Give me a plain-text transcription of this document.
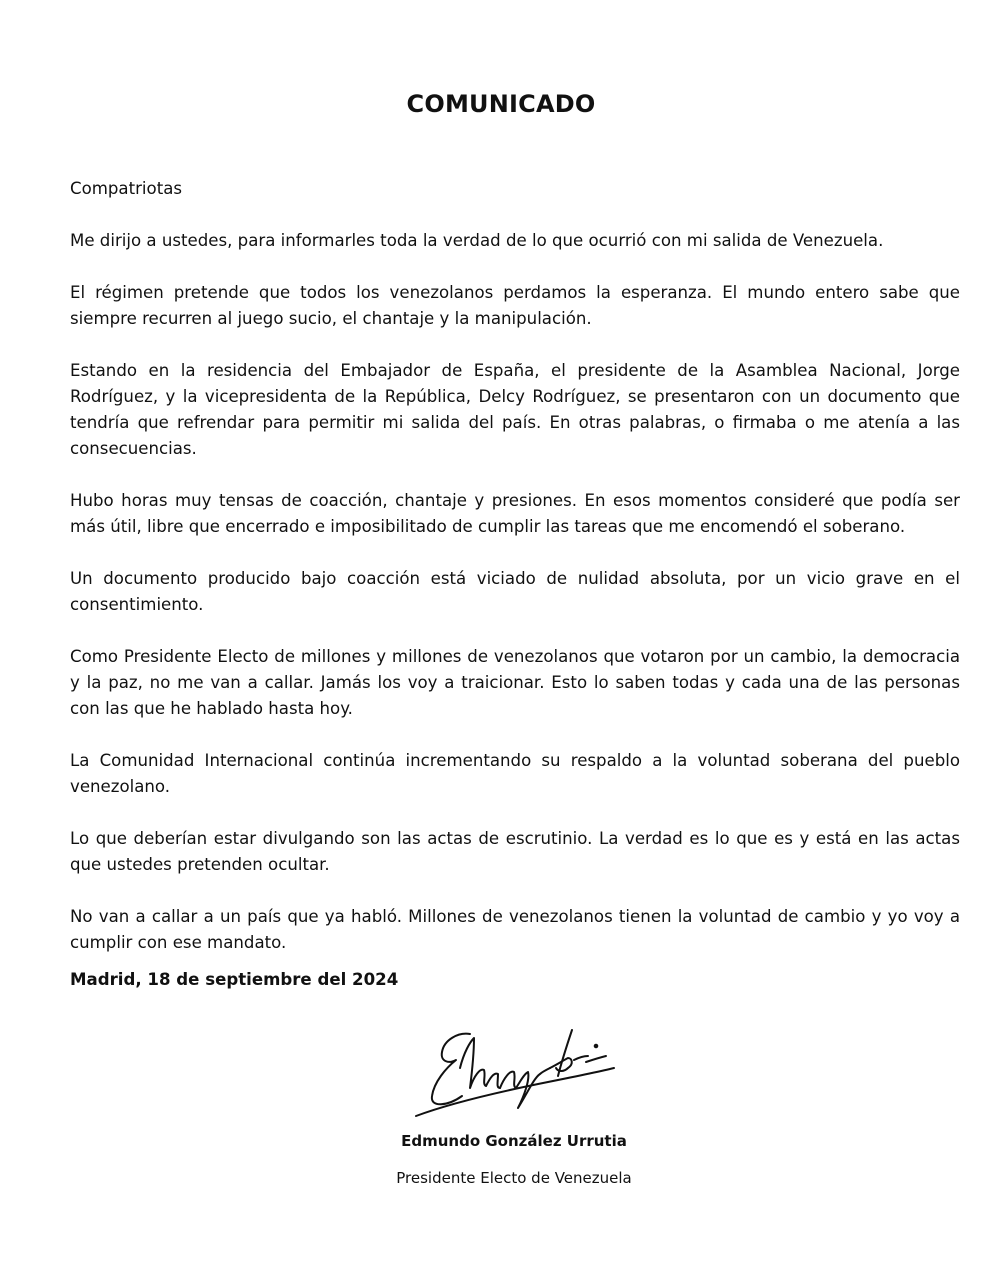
COMUNICADO

Compatriotas

Me dirijo a ustedes, para informarles toda la verdad de lo que ocurrió con mi salida de Venezuela.

El régimen pretende que todos los venezolanos perdamos la esperanza. El mundo entero sabe que siempre recurren al juego sucio, el chantaje y la manipulación.

Estando en la residencia del Embajador de España, el presidente de la Asamblea Nacional, Jorge Rodríguez, y la vicepresidenta de la República, Delcy Rodríguez, se presentaron con un documento que tendría que refrendar para permitir mi salida del país. En otras palabras, o firmaba o me atenía a las consecuencias.

Hubo horas muy tensas de coacción, chantaje y presiones. En esos momentos consideré que podía ser más útil, libre que encerrado e imposibilitado de cumplir las tareas que me encomendó el soberano.

Un documento producido bajo coacción está viciado de nulidad absoluta, por un vicio grave en el consentimiento.

Como Presidente Electo de millones y millones de venezolanos que votaron por un cambio, la democracia y la paz, no me van a callar. Jamás los voy a traicionar. Esto lo saben todas y cada una de las personas con las que he hablado hasta hoy.

La Comunidad Internacional continúa incrementando su respaldo a la voluntad soberana del pueblo venezolano.

Lo que deberían estar divulgando son las actas de escrutinio. La verdad es lo que es y está en las actas que ustedes pretenden ocultar.

No van a callar a un país que ya habló. Millones de venezolanos tienen la voluntad de cambio y yo voy a cumplir con ese mandato.

Madrid, 18 de septiembre del 2024
Edmundo González Urrutia
Presidente Electo de Venezuela
